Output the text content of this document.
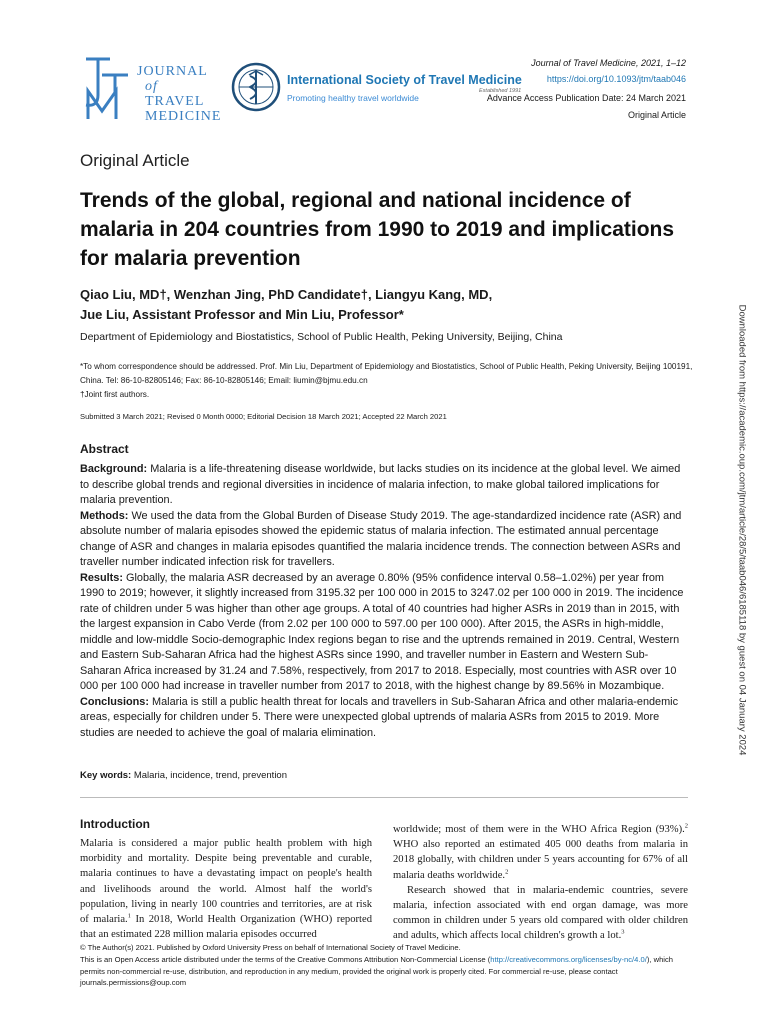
JOURNAL

of TRAVEL
MEDICINE
International Society of Travel Medicine
Promoting healthy travel worldwide
Established 1991
Journal of Travel Medicine, 2021, 1–12
https://doi.org/10.1093/jtm/taab046
Advance Access Publication Date: 24 March 2021
Original Article
Downloaded from https://academic.oup.com/jtm/article/28/5/taab046/6185118 by guest on 04 January 2024
Original Article
Trends of the global, regional and national incidence of malaria in 204 countries from 1990 to 2019 and implications for malaria prevention
Qiao Liu, MD†, Wenzhan Jing, PhD Candidate†, Liangyu Kang, MD,
Jue Liu, Assistant Professor and Min Liu, Professor*
Department of Epidemiology and Biostatistics, School of Public Health, Peking University, Beijing, China
*To whom correspondence should be addressed. Prof. Min Liu, Department of Epidemiology and Biostatistics, School of Public Health, Peking University, Beijing 100191, China. Tel: 86-10-82805146; Fax: 86-10-82805146; Email: liumin@bjmu.edu.cn
†Joint first authors.
Submitted 3 March 2021; Revised 0 Month 0000; Editorial Decision 18 March 2021; Accepted 22 March 2021
Abstract

Background: Malaria is a life-threatening disease worldwide, but lacks studies on its incidence at the global level. We aimed to describe global trends and regional diversities in incidence of malaria infection, to make global tailored implications for malaria prevention.

Methods: We used the data from the Global Burden of Disease Study 2019. The age-standardized incidence rate (ASR) and absolute number of malaria episodes showed the epidemic status of malaria infection. The estimated annual percentage change of ASR and changes in malaria episodes quantified the malaria incidence trends. The connection between ASRs and traveller number indicated infection risk for travellers.

Results: Globally, the malaria ASR decreased by an average 0.80% (95% confidence interval 0.58–1.02%) per year from 1990 to 2019; however, it slightly increased from 3195.32 per 100 000 in 2015 to 3247.02 per 100 000 in 2019. The incidence rate of children under 5 was higher than other age groups. A total of 40 countries had higher ASRs in 2019 than in 2015, with the largest expansion in Cabo Verde (from 2.02 per 100 000 to 597.00 per 100 000). After 2015, the ASRs in high-middle, middle and low-middle Socio-demographic Index regions began to rise and the uptrends remained in 2019. Central, Western and Eastern Sub-Saharan Africa had the highest ASRs since 1990, and traveller number in Eastern and Western Sub-Saharan Africa increased by 31.24 and 7.58%, respectively, from 2017 to 2018. Especially, most countries with ASR over 10 000 per 100 000 had increase in traveller number from 2017 to 2018, with the highest change by 89.56% in Mozambique.

Conclusions: Malaria is still a public health threat for locals and travellers in Sub-Saharan Africa and other malaria-endemic areas, especially for children under 5. There were unexpected global uptrends of malaria ASRs from 2015 to 2019. More studies are needed to achieve the goal of malaria elimination.

Key words: Malaria, incidence, trend, prevention
Introduction

Malaria is considered a major public health problem with high morbidity and mortality. Despite being preventable and curable, malaria continues to have a devastating impact on people's health and livelihoods around the world. Almost half the world's population, living in nearly 100 countries and territories, are at risk of malaria.$^1$ In 2018, World Health Organization (WHO) reported that an estimated 228 million malaria episodes occurred

worldwide; most of them were in the WHO Africa Region (93%).$^2$ WHO also reported an estimated 405 000 deaths from malaria in 2018 globally, with children under 5 years accounting for 67% of all malaria deaths worldwide.$^2$

Research showed that in malaria-endemic countries, severe malaria, infection associated with end organ damage, was more common in children under 5 years old compared with older children and adults, which affects local children's growth a lot.$^3$

© The Author(s) 2021. Published by Oxford University Press on behalf of International Society of Travel Medicine.
This is an Open Access article distributed under the terms of the Creative Commons Attribution Non-Commercial License (http://creativecommons.org/licenses/by-nc/4.0/), which permits non-commercial re-use, distribution, and reproduction in any medium, provided the original work is properly cited. For commercial re-use, please contact journals.permissions@oup.com
